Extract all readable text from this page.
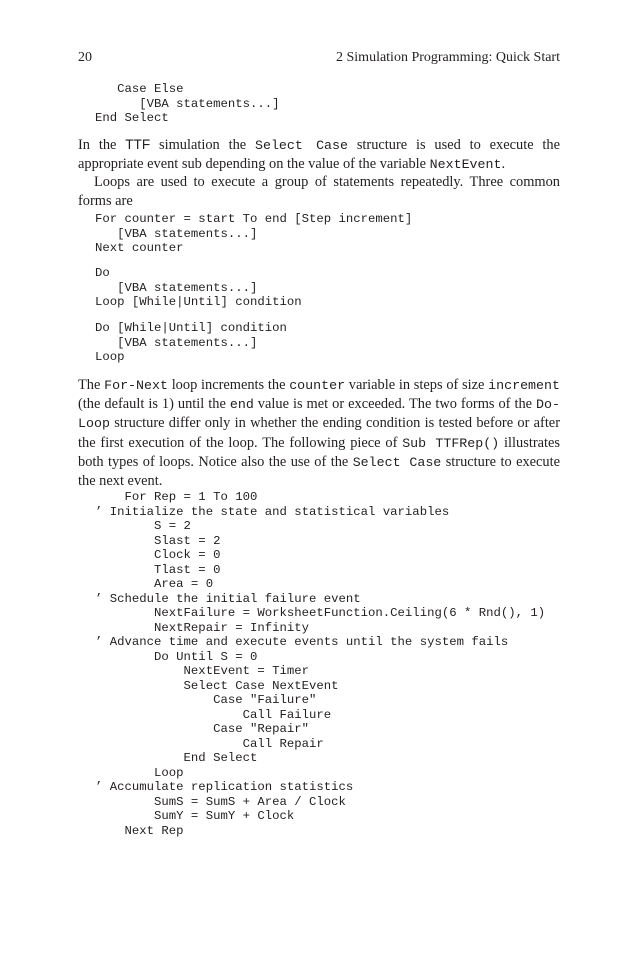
20	2 Simulation Programming: Quick Start
Case Else
[VBA statements...]
End Select

In the TTF simulation the Select Case structure is used to execute the appropriate event sub depending on the value of the variable NextEvent.

Loops are used to execute a group of statements repeatedly. Three common forms are

For counter = start To end [Step increment]
[VBA statements...]
Next counter
Do
[VBA statements...]
Loop [While|Until] condition
Do [While|Until] condition
[VBA statements...]
Loop

The For-Next loop increments the counter variable in steps of size increment (the default is 1) until the end value is met or exceeded. The two forms of the Do-Loop structure differ only in whether the ending condition is tested before or after the first execution of the loop. The following piece of Sub TTFRep() illustrates both types of loops. Notice also the use of the Select Case structure to execute the next event.

For Rep = 1 To 100
’ Initialize the state and statistical variables
S = 2
Slast = 2
Clock = 0
Tlast = 0
Area = 0
’ Schedule the initial failure event
NextFailure = WorksheetFunction.Ceiling(6 * Rnd(), 1)
NextRepair = Infinity
’ Advance time and execute events until the system fails
Do Until S = 0
NextEvent = Timer
Select Case NextEvent
Case "Failure"
Call Failure
Case "Repair"
Call Repair
End Select
Loop
’ Accumulate replication statistics
SumS = SumS + Area / Clock
SumY = SumY + Clock
Next Rep
